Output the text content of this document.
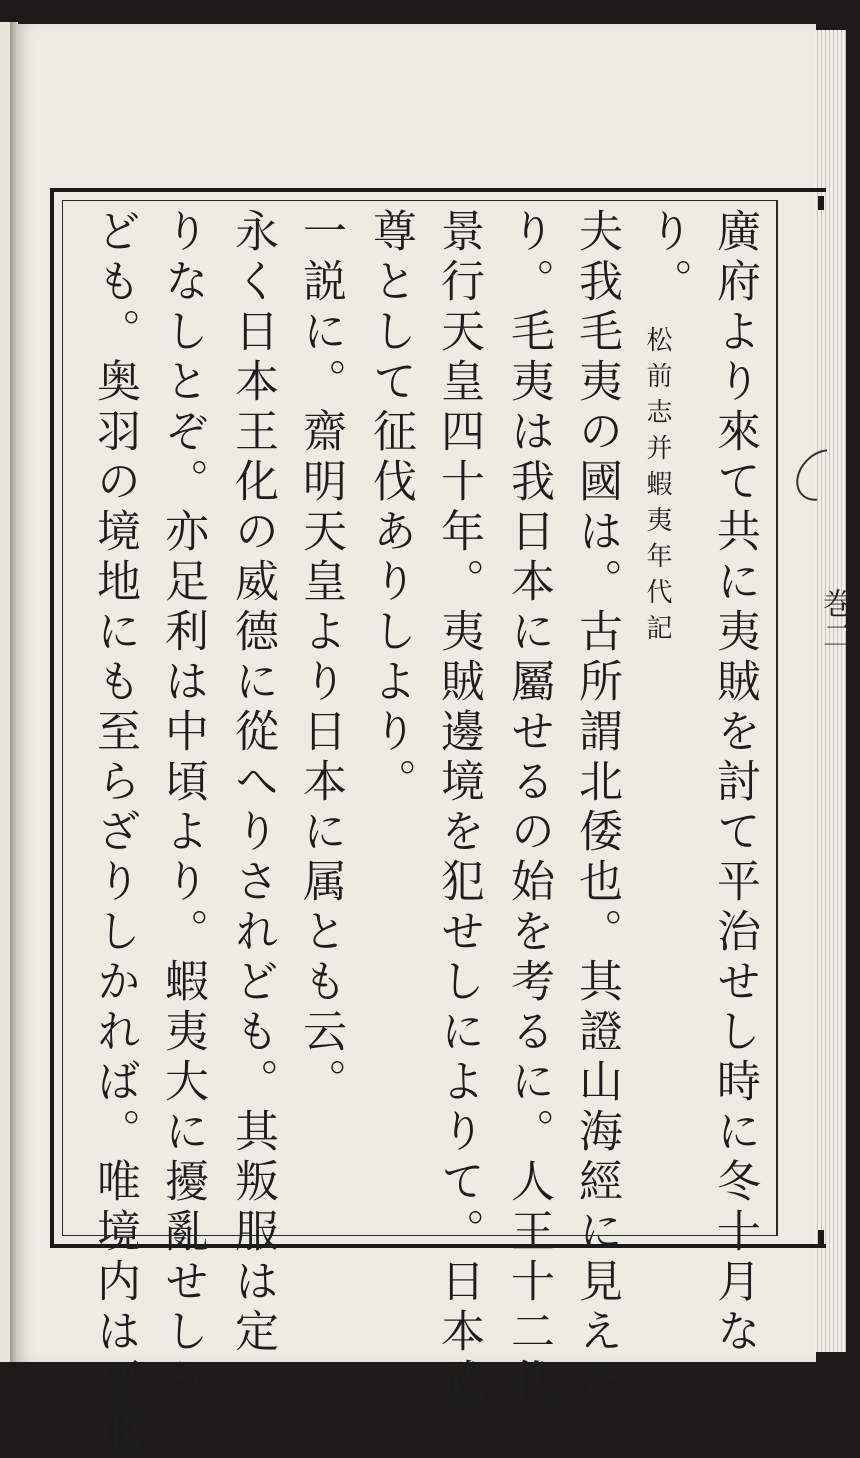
巻二
廣府より來て共に夷賊を討て平治せし時に冬十月な
り。 松前志并蝦夷年代記
夫我毛夷の國は。古所謂北倭也。其證山海經に見えた
り。毛夷は我日本に屬せるの始を考るに。人王十二代
景行天皇四十年。夷賊邊境を犯せしによりて。日本武
尊として征伐ありしより。
一説に。齋明天皇より日本に属とも云。
永く日本王化の威德に從へりされども。其叛服は定
りなしとぞ。亦足利は中頃より。蝦夷大に擾亂せしう
ども。奥羽の境地にも至らざりしかれば。唯境内は要地
